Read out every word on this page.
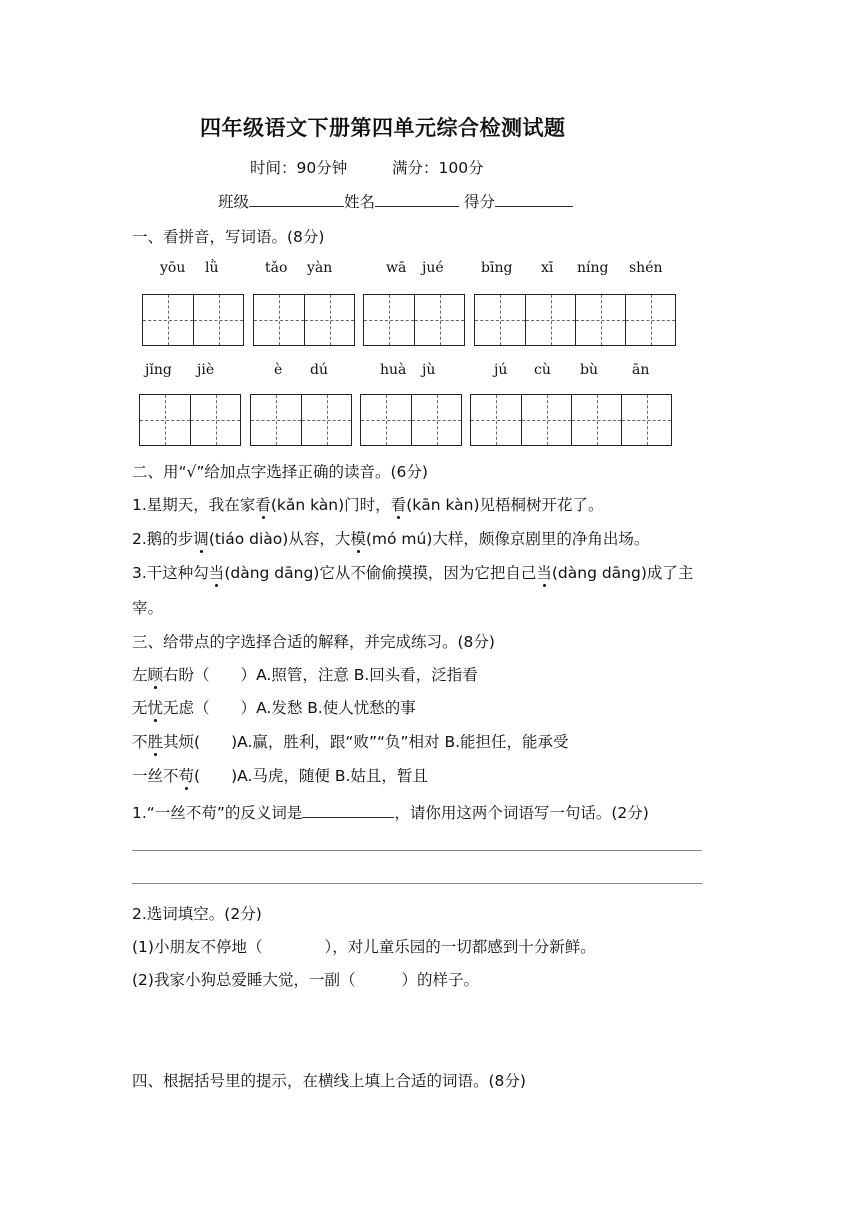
四年级语文下册第四单元综合检测试题
时间：90分钟	满分：100分
班级	姓名	得分
一、看拼音，写词语。(8分)
yōu lǜ	tǎo yàn	wā jué	bīng xī níng shén
jǐng jiè	è dú	huà jù	jú cù bù ān
二、用“√”给加点字选择正确的读音。(6分)
1.星期天，我在家看(kǎn kàn)门时，看(kān kàn)见梧桐树开花了。
2.鹅的步调(tiáo diào)从容，大模(mó mú)大样，颇像京剧里的净角出场。
3.干这种勾当(dàng dāng)它从不偷偷摸摸，因为它把自己当(dàng dāng)成了主
宰。
三、给带点的字选择合适的解释，并完成练习。(8分)
左顾右盼（　　）A.照管，注意 B.回头看，泛指看
无忧无虑（　　）A.发愁 B.使人忧愁的事
不胜其烦(　　)A.赢，胜利，跟“败”“负”相对 B.能担任，能承受
一丝不苟(　　)A.马虎，随便 B.姑且，暂且
1.“一丝不苟”的反义词是	，请你用这两个词语写一句话。(2分)
2.选词填空。(2分)
(1)小朋友不停地（	），对儿童乐园的一切都感到十分新鲜。
(2)我家小狗总爱睡大觉，一副（	）的样子。
四、根据括号里的提示，在横线上填上合适的词语。(8分)
